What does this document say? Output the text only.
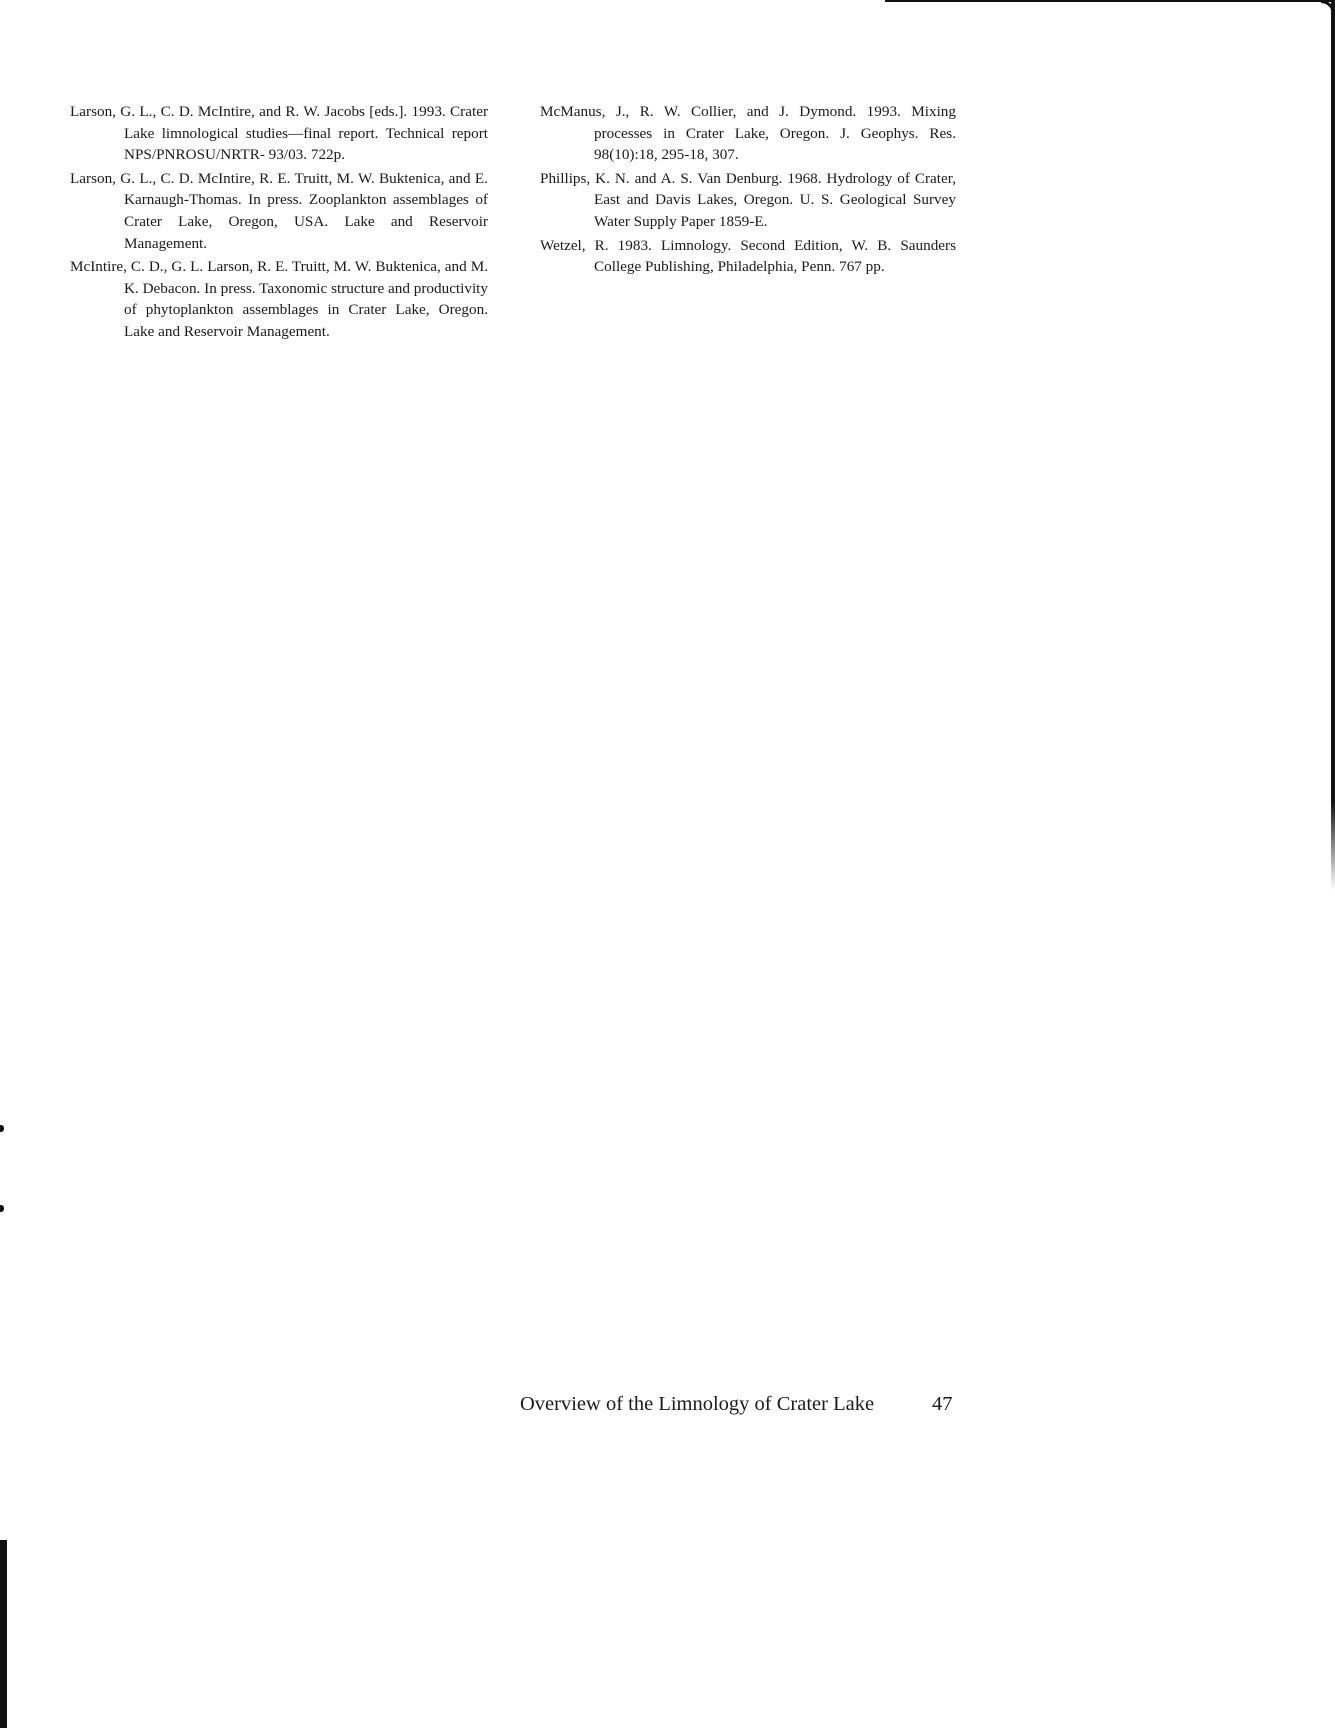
Larson, G. L., C. D. McIntire, and R. W. Jacobs [eds.]. 1993. Crater Lake limnological studies—final report. Technical report NPS/PNROSU/NRTR- 93/03. 722p.

Larson, G. L., C. D. McIntire, R. E. Truitt, M. W. Buktenica, and E. Karnaugh-Thomas. In press. Zooplankton assemblages of Crater Lake, Oregon, USA. Lake and Reservoir Management.

McIntire, C. D., G. L. Larson, R. E. Truitt, M. W. Buktenica, and M. K. Debacon. In press. Taxonomic structure and productivity of phytoplankton assemblages in Crater Lake, Oregon. Lake and Reservoir Management.

McManus, J., R. W. Collier, and J. Dymond. 1993. Mixing processes in Crater Lake, Oregon. J. Geophys. Res. 98(10):18, 295-18, 307.

Phillips, K. N. and A. S. Van Denburg. 1968. Hydrology of Crater, East and Davis Lakes, Oregon. U. S. Geological Survey Water Supply Paper 1859-E.

Wetzel, R. 1983. Limnology. Second Edition, W. B. Saunders College Publishing, Philadelphia, Penn. 767 pp.

Overview of the Limnology of Crater Lake	47
